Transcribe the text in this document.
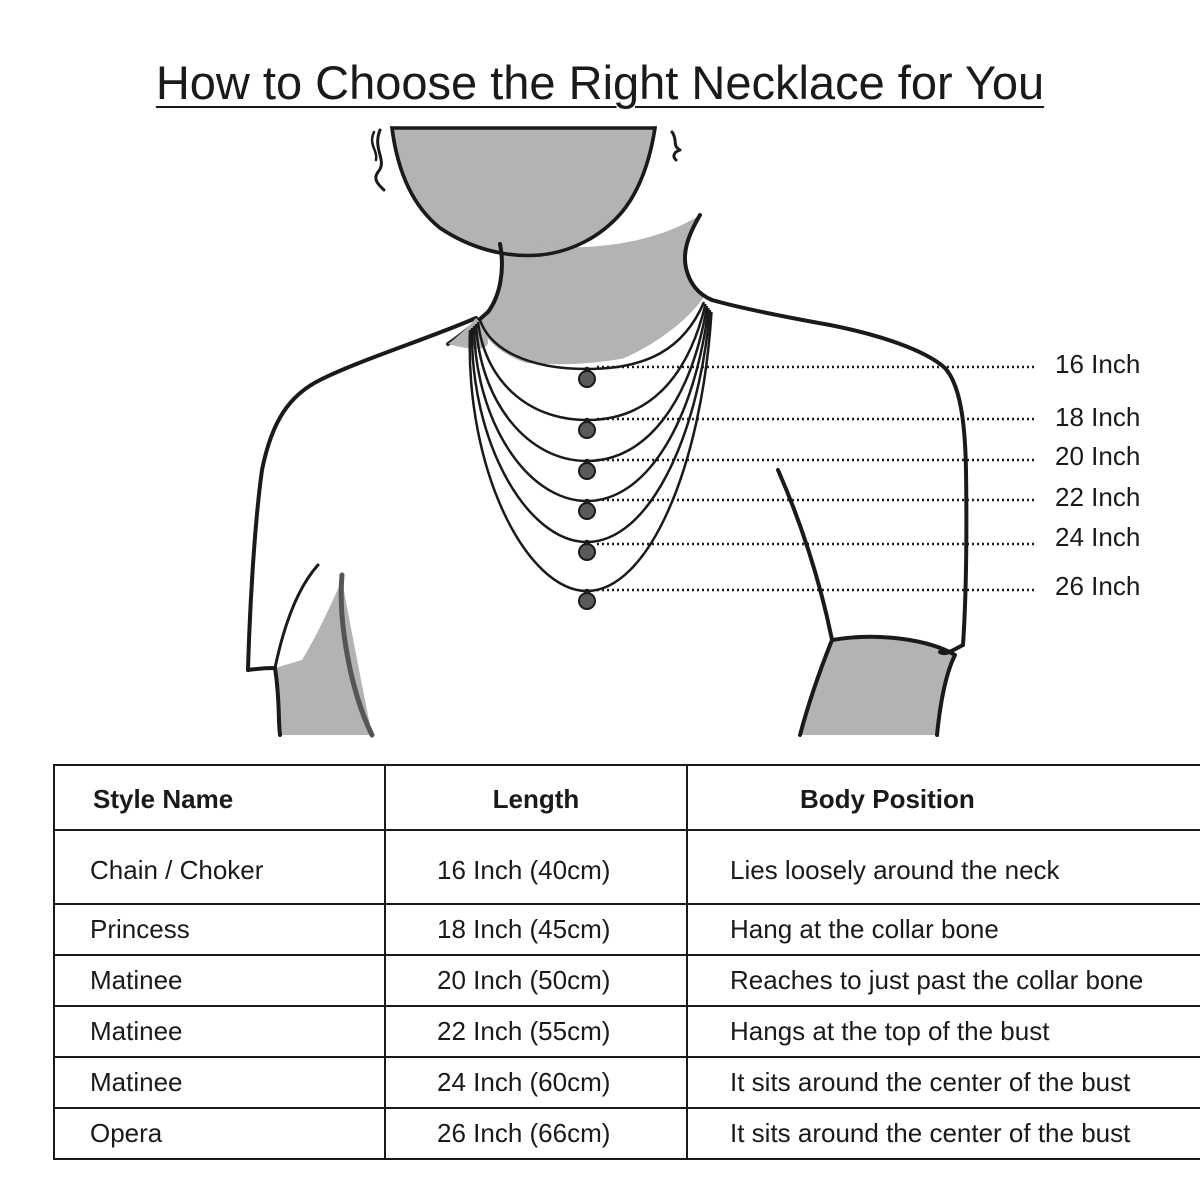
How to Choose the Right Necklace for You
16 Inch
18 Inch
20 Inch
22 Inch
24 Inch
26 Inch
Style Name	Length	Body Position
Chain / Choker	16 Inch (40cm)	Lies loosely around the neck
Princess	18 Inch (45cm)	Hang at the collar bone
Matinee	20 Inch (50cm)	Reaches to just past the collar bone
Matinee	22 Inch (55cm)	Hangs at the top of the bust
Matinee	24 Inch (60cm)	It sits around the center of the bust
Opera	26 Inch (66cm)	It sits around the center of the bust
